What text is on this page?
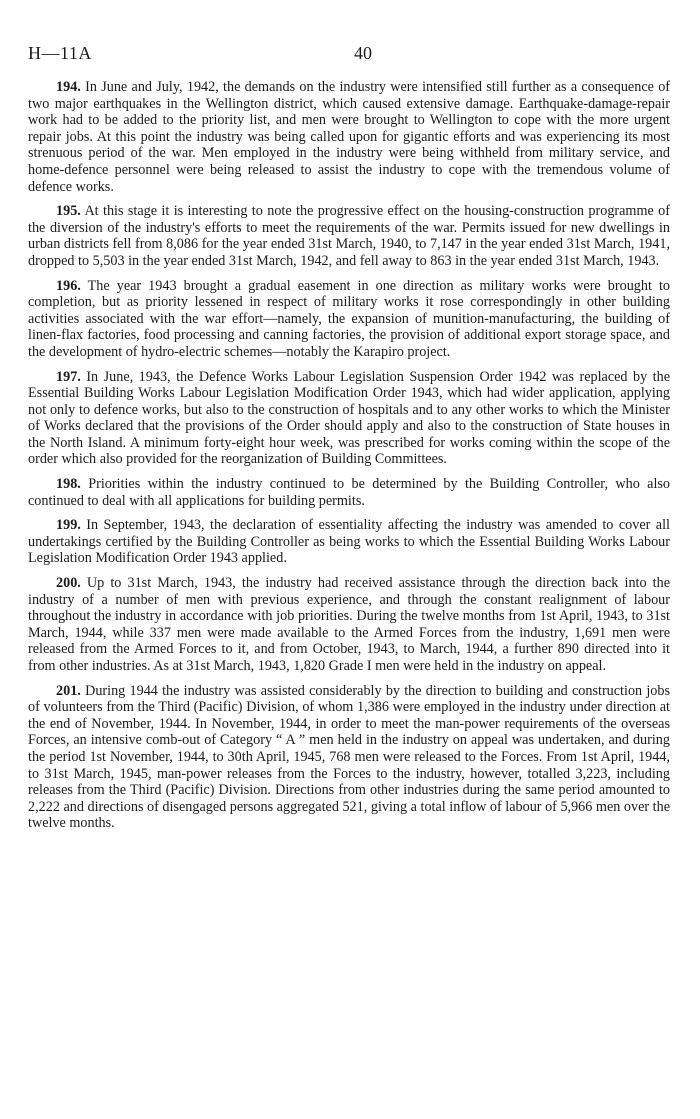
H—11A	40

194. In June and July, 1942, the demands on the industry were intensified still further as a consequence of two major earthquakes in the Wellington district, which caused extensive damage. Earthquake-damage-repair work had to be added to the priority list, and men were brought to Wellington to cope with the more urgent repair jobs. At this point the industry was being called upon for gigantic efforts and was experiencing its most strenuous period of the war. Men employed in the industry were being withheld from military service, and home-defence personnel were being released to assist the industry to cope with the tremendous volume of defence works.

195. At this stage it is interesting to note the progressive effect on the housing-construction programme of the diversion of the industry's efforts to meet the requirements of the war. Permits issued for new dwellings in urban districts fell from 8,086 for the year ended 31st March, 1940, to 7,147 in the year ended 31st March, 1941, dropped to 5,503 in the year ended 31st March, 1942, and fell away to 863 in the year ended 31st March, 1943.

196. The year 1943 brought a gradual easement in one direction as military works were brought to completion, but as priority lessened in respect of military works it rose correspondingly in other building activities associated with the war effort—namely, the expansion of munition-manufacturing, the building of linen-flax factories, food processing and canning factories, the provision of additional export storage space, and the development of hydro-electric schemes—notably the Karapiro project.

197. In June, 1943, the Defence Works Labour Legislation Suspension Order 1942 was replaced by the Essential Building Works Labour Legislation Modification Order 1943, which had wider application, applying not only to defence works, but also to the construction of hospitals and to any other works to which the Minister of Works declared that the provisions of the Order should apply and also to the construction of State houses in the North Island. A minimum forty-eight hour week, was prescribed for works coming within the scope of the order which also provided for the reorganization of Building Committees.

198. Priorities within the industry continued to be determined by the Building Controller, who also continued to deal with all applications for building permits.

199. In September, 1943, the declaration of essentiality affecting the industry was amended to cover all undertakings certified by the Building Controller as being works to which the Essential Building Works Labour Legislation Modification Order 1943 applied.

200. Up to 31st March, 1943, the industry had received assistance through the direction back into the industry of a number of men with previous experience, and through the constant realignment of labour throughout the industry in accordance with job priorities. During the twelve months from 1st April, 1943, to 31st March, 1944, while 337 men were made available to the Armed Forces from the industry, 1,691 men were released from the Armed Forces to it, and from October, 1943, to March, 1944, a further 890 directed into it from other industries. As at 31st March, 1943, 1,820 Grade I men were held in the industry on appeal.

201. During 1944 the industry was assisted considerably by the direction to building and construction jobs of volunteers from the Third (Pacific) Division, of whom 1,386 were employed in the industry under direction at the end of November, 1944. In November, 1944, in order to meet the man-power requirements of the overseas Forces, an intensive comb-out of Category “ A ” men held in the industry on appeal was undertaken, and during the period 1st November, 1944, to 30th April, 1945, 768 men were released to the Forces. From 1st April, 1944, to 31st March, 1945, man-power releases from the Forces to the industry, however, totalled 3,223, including releases from the Third (Pacific) Division. Directions from other industries during the same period amounted to 2,222 and directions of disengaged persons aggregated 521, giving a total inflow of labour of 5,966 men over the twelve months.
